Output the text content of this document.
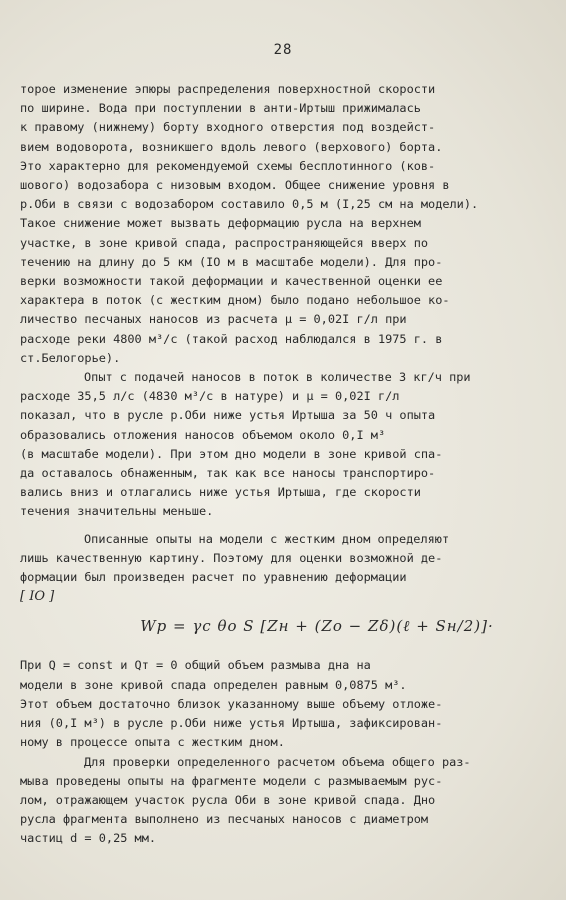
28
торое изменение эпюры распределения поверхностной скорости
по ширине. Вода при поступлении в анти-Иртыш прижималась
к правому (нижнему) борту входного отверстия под воздейст-
вием водоворота, возникшего вдоль левого (верхового) борта.
Это характерно для рекомендуемой схемы бесплотинного (ков-
шового) водозабора с низовым входом. Общее снижение уровня в
р.Оби в связи с водозабором составило 0,5 м (I,25 см на модели).
Такое снижение может вызвать деформацию русла на верхнем
участке, в зоне кривой спада, распространяющейся вверх по
течению на длину до 5 км (IO м в масштабе модели). Для про-
верки возможности такой деформации и качественной оценки ее
характера в поток (с жестким дном) было подано небольшое ко-
личество песчаных наносов из расчета μ = 0,02I г/л при
расходе реки 4800 м³/с (такой расход наблюдался в 1975 г. в
ст.Белогорье).
Опыт с подачей наносов в поток в количестве 3 кг/ч при
расходе 35,5 л/с (4830 м³/с в натуре) и μ = 0,02I г/л
показал, что в русле р.Оби ниже устья Иртыша за 50 ч опыта
образовались отложения наносов объемом около 0,I м³
(в масштабе модели). При этом дно модели в зоне кривой спа-
да оставалось обнаженным, так как все наносы транспортиро-
вались вниз и отлагались ниже устья Иртыша, где скорости
течения значительны меньше.
Описанные опыты на модели с жестким дном определяют
лишь качественную картину. Поэтому для оценки возможной де-
формации был произведен расчет по уравнению деформации
[ IO ]
Wp = γc θo S [Zн + (Zo − Zδ)(ℓ + Sн/2)]·
При Q = const и Qт = 0 общий объем размыва дна на
модели в зоне кривой спада определен равным 0,0875 м³.
Этот объем достаточно близок указанному выше объему отложе-
ния (0,I м³) в русле р.Оби ниже устья Иртыша, зафиксирован-
ному в процессе опыта с жестким дном.
Для проверки определенного расчетом объема общего раз-
мыва проведены опыты на фрагменте модели с размываемым рус-
лом, отражающем участок русла Оби в зоне кривой спада. Дно
русла фрагмента выполнено из песчаных наносов с диаметром
частиц d = 0,25 мм.
